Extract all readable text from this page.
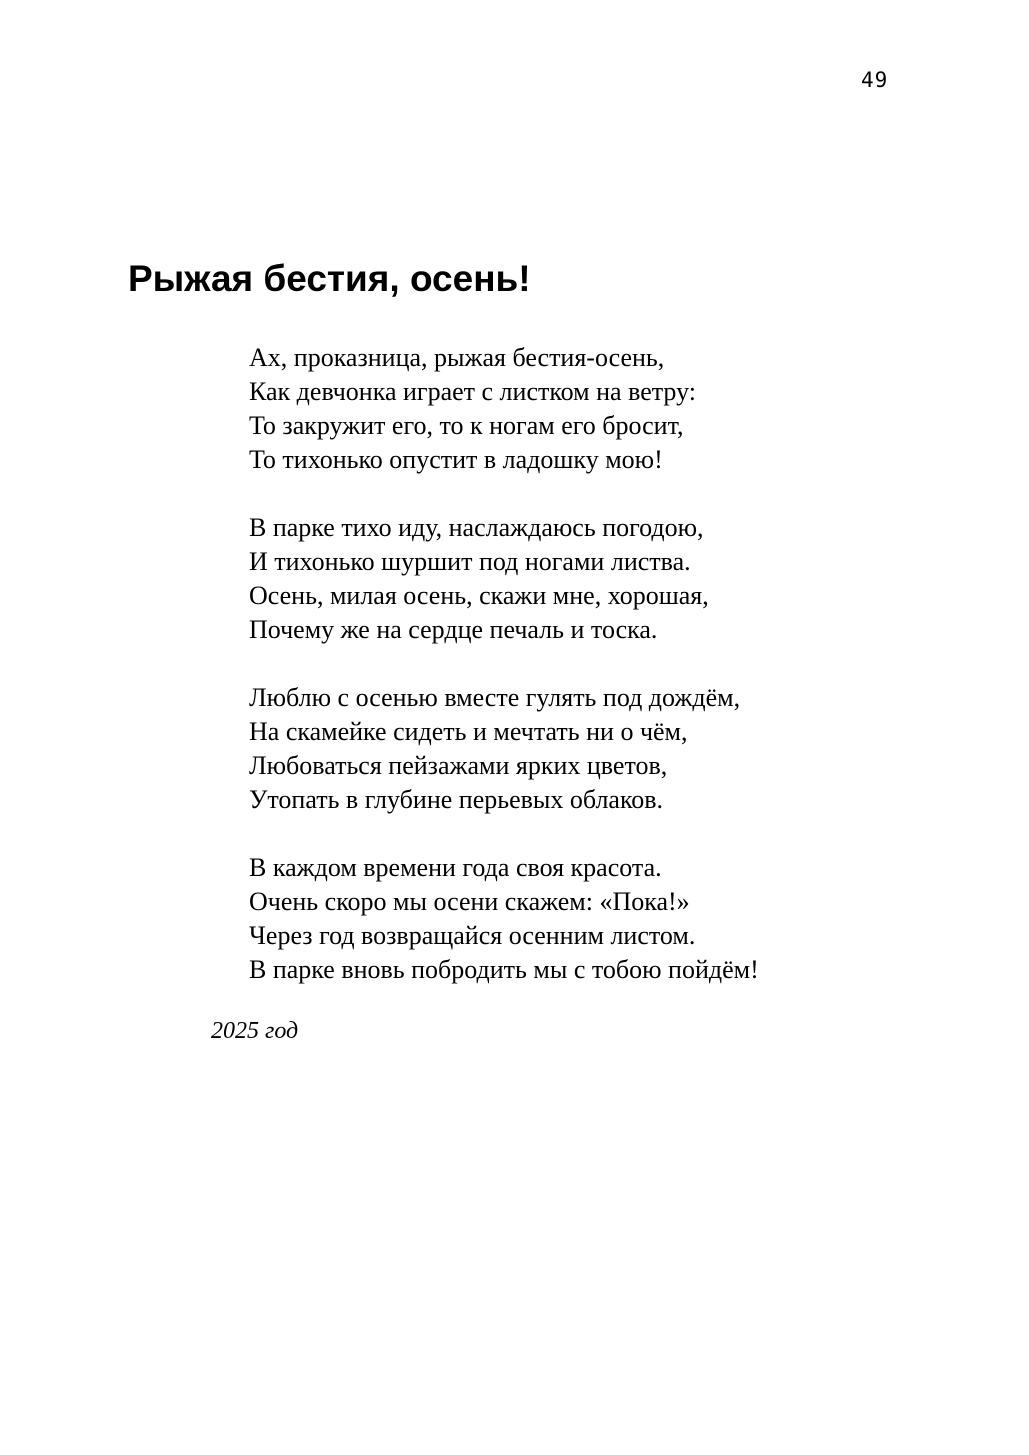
49
Рыжая бестия, осень!
Ах, проказница, рыжая бестия-осень,
Как девчонка играет с листком на ветру:
То закружит его, то к ногам его бросит,
То тихонько опустит в ладошку мою!
В парке тихо иду, наслаждаюсь погодою,
И тихонько шуршит под ногами листва.
Осень, милая осень, скажи мне, хорошая,
Почему же на сердце печаль и тоска.
Люблю с осенью вместе гулять под дождём,
На скамейке сидеть и мечтать ни о чём,
Любоваться пейзажами ярких цветов,
Утопать в глубине перьевых облаков.
В каждом времени года своя красота.
Очень скоро мы осени скажем: «Пока!»
Через год возвращайся осенним листом.
В парке вновь побродить мы с тобою пойдём!
2025 год
